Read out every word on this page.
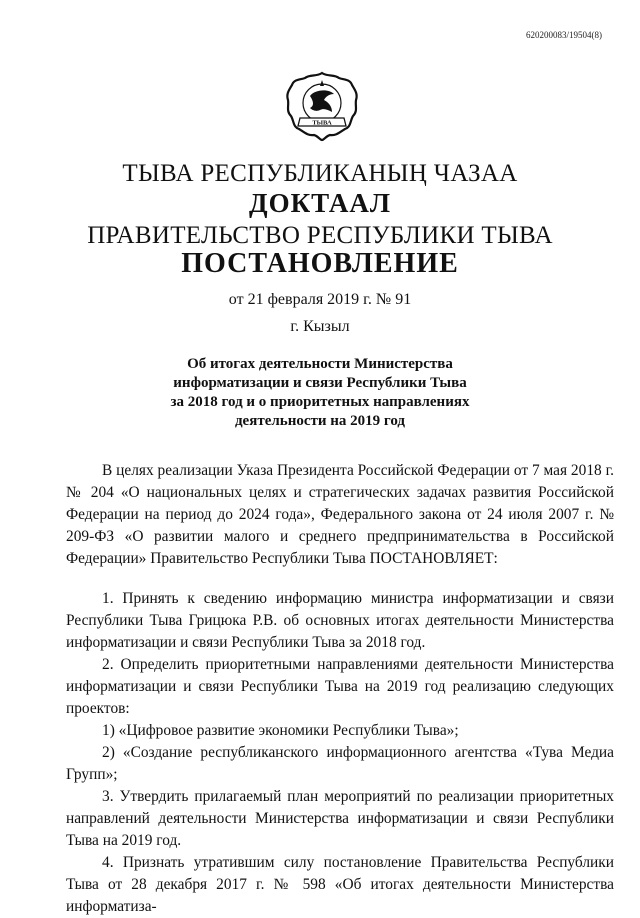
620200083/19504(8)
ТЫВА
ТЫВА РЕСПУБЛИКАНЫҢ ЧАЗАА
ДОКТААЛ
ПРАВИТЕЛЬСТВО РЕСПУБЛИКИ ТЫВА
ПОСТАНОВЛЕНИЕ
от 21 февраля 2019 г. № 91
г. Кызыл
Об итогах деятельности Министерства
информатизации и связи Республики Тыва
за 2018 год и о приоритетных направлениях
деятельности на 2019 год

В целях реализации Указа Президента Российской Федерации от 7 мая 2018 г. № 204 «О национальных целях и стратегических задачах развития Российской Федерации на период до 2024 года», Федерального закона от 24 июля 2007 г. № 209-ФЗ «О развитии малого и среднего предпринимательства в Российской Федерации» Правительство Республики Тыва ПОСТАНОВЛЯЕТ:

1. Принять к сведению информацию министра информатизации и связи Республики Тыва Грицюка Р.В. об основных итогах деятельности Министерства информатизации и связи Республики Тыва за 2018 год.

2. Определить приоритетными направлениями деятельности Министерства информатизации и связи Республики Тыва на 2019 год реализацию следующих проектов:

1) «Цифровое развитие экономики Республики Тыва»;

2) «Создание республиканского информационного агентства «Тува Медиа Групп»;

3. Утвердить прилагаемый план мероприятий по реализации приоритетных направлений деятельности Министерства информатизации и связи Республики Тыва на 2019 год.

4. Признать утратившим силу постановление Правительства Республики Тыва от 28 декабря 2017 г. № 598 «Об итогах деятельности Министерства информатиза-
